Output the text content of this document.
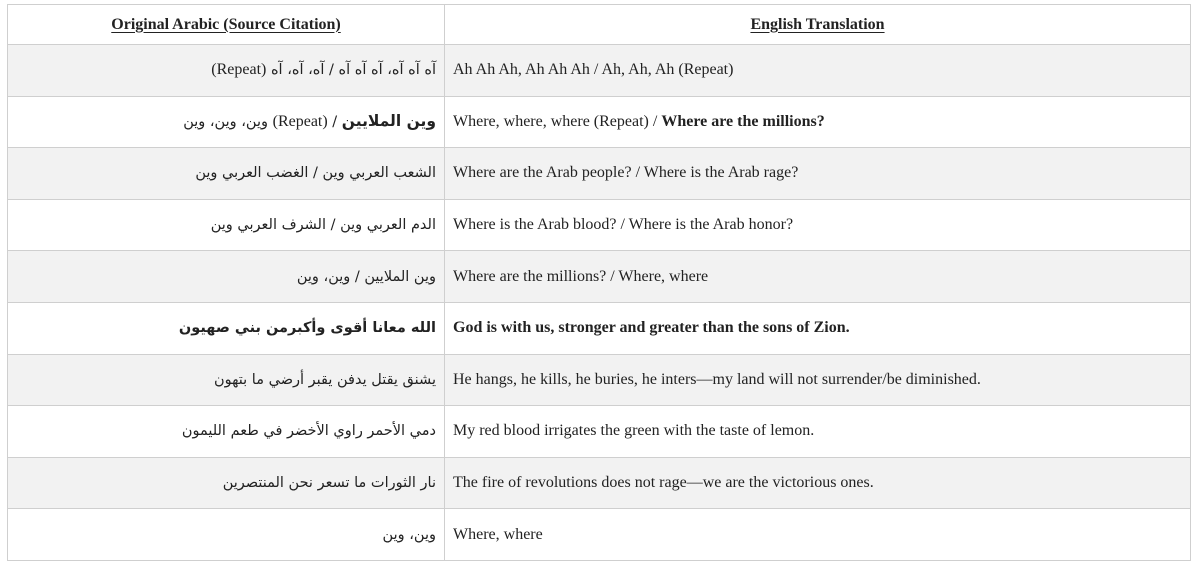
Original Arabic (Source Citation)	English Translation
آه آه آه، آه آه آه / آه، آه، آه (Repeat)	Ah Ah Ah, Ah Ah Ah / Ah, Ah, Ah (Repeat)
وين الملايين / (Repeat) وين، وين، وين	Where, where, where (Repeat) / Where are the millions?
الشعب العربي وين / الغضب العربي وين	Where are the Arab people? / Where is the Arab rage?
الدم العربي وين / الشرف العربي وين	Where is the Arab blood? / Where is the Arab honor?
وين الملايين / وين، وين	Where are the millions? / Where, where
الله معانا أقوى وأكبرمن بني صهيون	God is with us, stronger and greater than the sons of Zion.
يشنق يقتل يدفن يقبر أرضي ما بتهون	He hangs, he kills, he buries, he inters—my land will not surrender/be diminished.
دمي الأحمر راوي الأخضر في طعم الليمون	My red blood irrigates the green with the taste of lemon.
نار الثورات ما تسعر نحن المنتصرين	The fire of revolutions does not rage—we are the victorious ones.
وين، وين	Where, where
